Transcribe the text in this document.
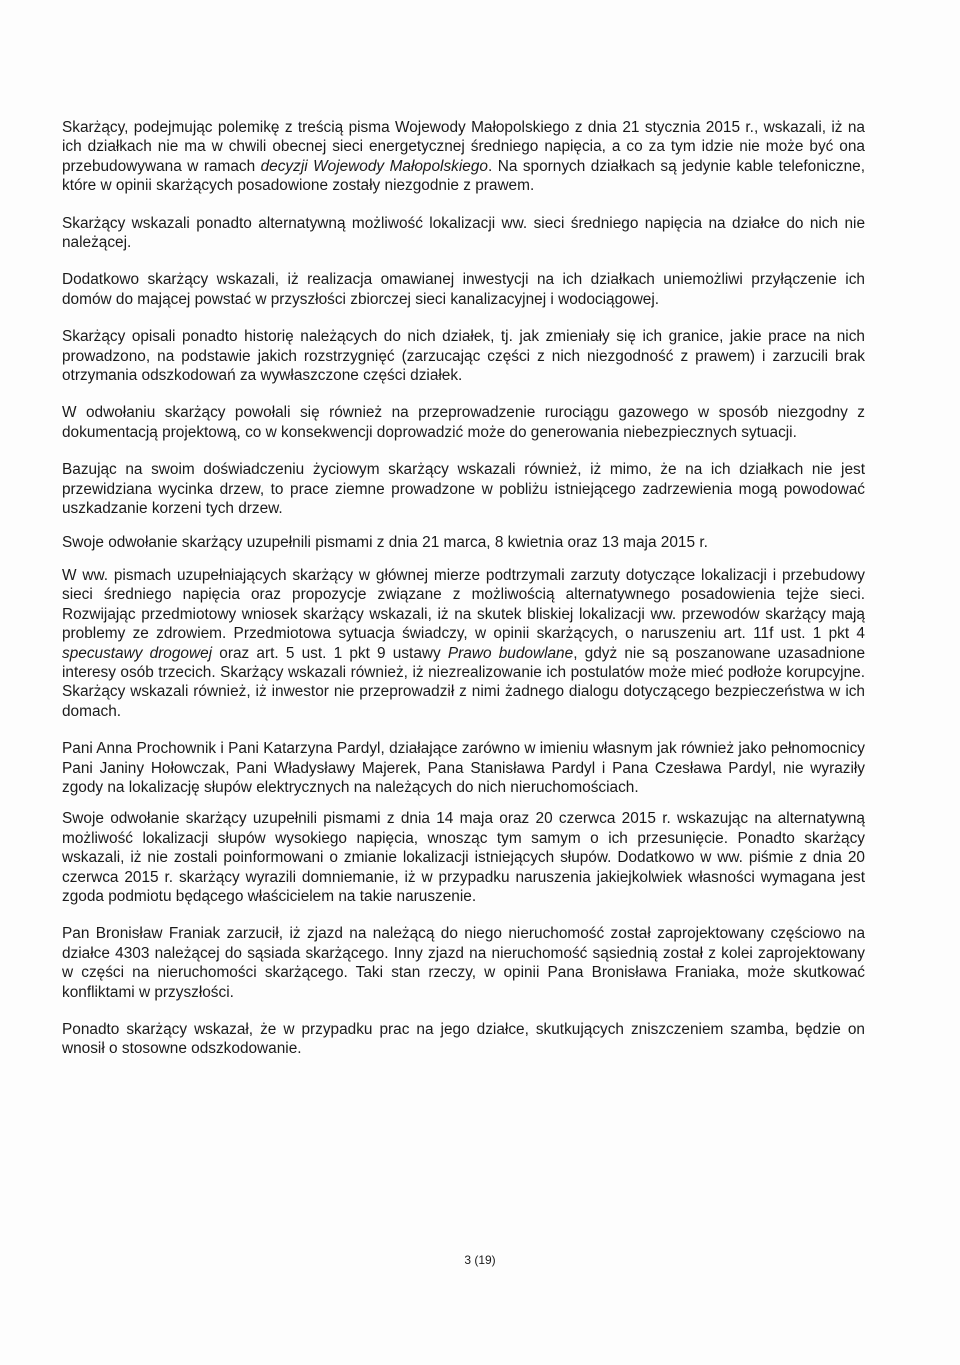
Skarżący, podejmując polemikę z treścią pisma Wojewody Małopolskiego z dnia 21 stycznia 2015 r., wskazali, iż na ich działkach nie ma w chwili obecnej sieci energetycznej średniego napięcia, a co za tym idzie nie może być ona przebudowywana w ramach decyzji Wojewody Małopolskiego. Na spornych działkach są jedynie kable telefoniczne, które w opinii skarżących posadowione zostały niezgodnie z prawem.

Skarżący wskazali ponadto alternatywną możliwość lokalizacji ww. sieci średniego napięcia na działce do nich nie należącej.

Dodatkowo skarżący wskazali, iż realizacja omawianej inwestycji na ich działkach uniemożliwi przyłączenie ich domów do mającej powstać w przyszłości zbiorczej sieci kanalizacyjnej i wodociągowej.

Skarżący opisali ponadto historię należących do nich działek, tj. jak zmieniały się ich granice, jakie prace na nich prowadzono, na podstawie jakich rozstrzygnięć (zarzucając części z nich niezgodność z prawem) i zarzucili brak otrzymania odszkodowań za wywłaszczone części działek.

W odwołaniu skarżący powołali się również na przeprowadzenie rurociągu gazowego w sposób niezgodny z dokumentacją projektową, co w konsekwencji doprowadzić może do generowania niebezpiecznych sytuacji.

Bazując na swoim doświadczeniu życiowym skarżący wskazali również, iż mimo, że na ich działkach nie jest przewidziana wycinka drzew, to prace ziemne prowadzone w pobliżu istniejącego zadrzewienia mogą powodować uszkadzanie korzeni tych drzew.

Swoje odwołanie skarżący uzupełnili pismami z dnia 21 marca, 8 kwietnia oraz 13 maja 2015 r.

W ww. pismach uzupełniających skarżący w głównej mierze podtrzymali zarzuty dotyczące lokalizacji i przebudowy sieci średniego napięcia oraz propozycje związane z możliwością alternatywnego posadowienia tejże sieci. Rozwijając przedmiotowy wniosek skarżący wskazali, iż na skutek bliskiej lokalizacji ww. przewodów skarżący mają problemy ze zdrowiem. Przedmiotowa sytuacja świadczy, w opinii skarżących, o naruszeniu art. 11f ust. 1 pkt 4 specustawy drogowej oraz art. 5 ust. 1 pkt 9 ustawy Prawo budowlane, gdyż nie są poszanowane uzasadnione interesy osób trzecich. Skarżący wskazali również, iż niezrealizowanie ich postulatów może mieć podłoże korupcyjne. Skarżący wskazali również, iż inwestor nie przeprowadził z nimi żadnego dialogu dotyczącego bezpieczeństwa w ich domach.

Pani Anna Prochownik i Pani Katarzyna Pardyl, działające zarówno w imieniu własnym jak również jako pełnomocnicy Pani Janiny Hołowczak, Pani Władysławy Majerek, Pana Stanisława Pardyl i Pana Czesława Pardyl, nie wyraziły zgody na lokalizację słupów elektrycznych na należących do nich nieruchomościach.

Swoje odwołanie skarżący uzupełnili pismami z dnia 14 maja oraz 20 czerwca 2015 r. wskazując na alternatywną możliwość lokalizacji słupów wysokiego napięcia, wnosząc tym samym o ich przesunięcie. Ponadto skarżący wskazali, iż nie zostali poinformowani o zmianie lokalizacji istniejących słupów. Dodatkowo w ww. piśmie z dnia 20 czerwca 2015 r. skarżący wyrazili domniemanie, iż w przypadku naruszenia jakiejkolwiek własności wymagana jest zgoda podmiotu będącego właścicielem na takie naruszenie.

Pan Bronisław Franiak zarzucił, iż zjazd na należącą do niego nieruchomość został zaprojektowany częściowo na działce 4303 należącej do sąsiada skarżącego. Inny zjazd na nieruchomość sąsiednią został z kolei zaprojektowany w części na nieruchomości skarżącego. Taki stan rzeczy, w opinii Pana Bronisława Franiaka, może skutkować konfliktami w przyszłości.

Ponadto skarżący wskazał, że w przypadku prac na jego działce, skutkujących zniszczeniem szamba, będzie on wnosił o stosowne odszkodowanie.

3 (19)
